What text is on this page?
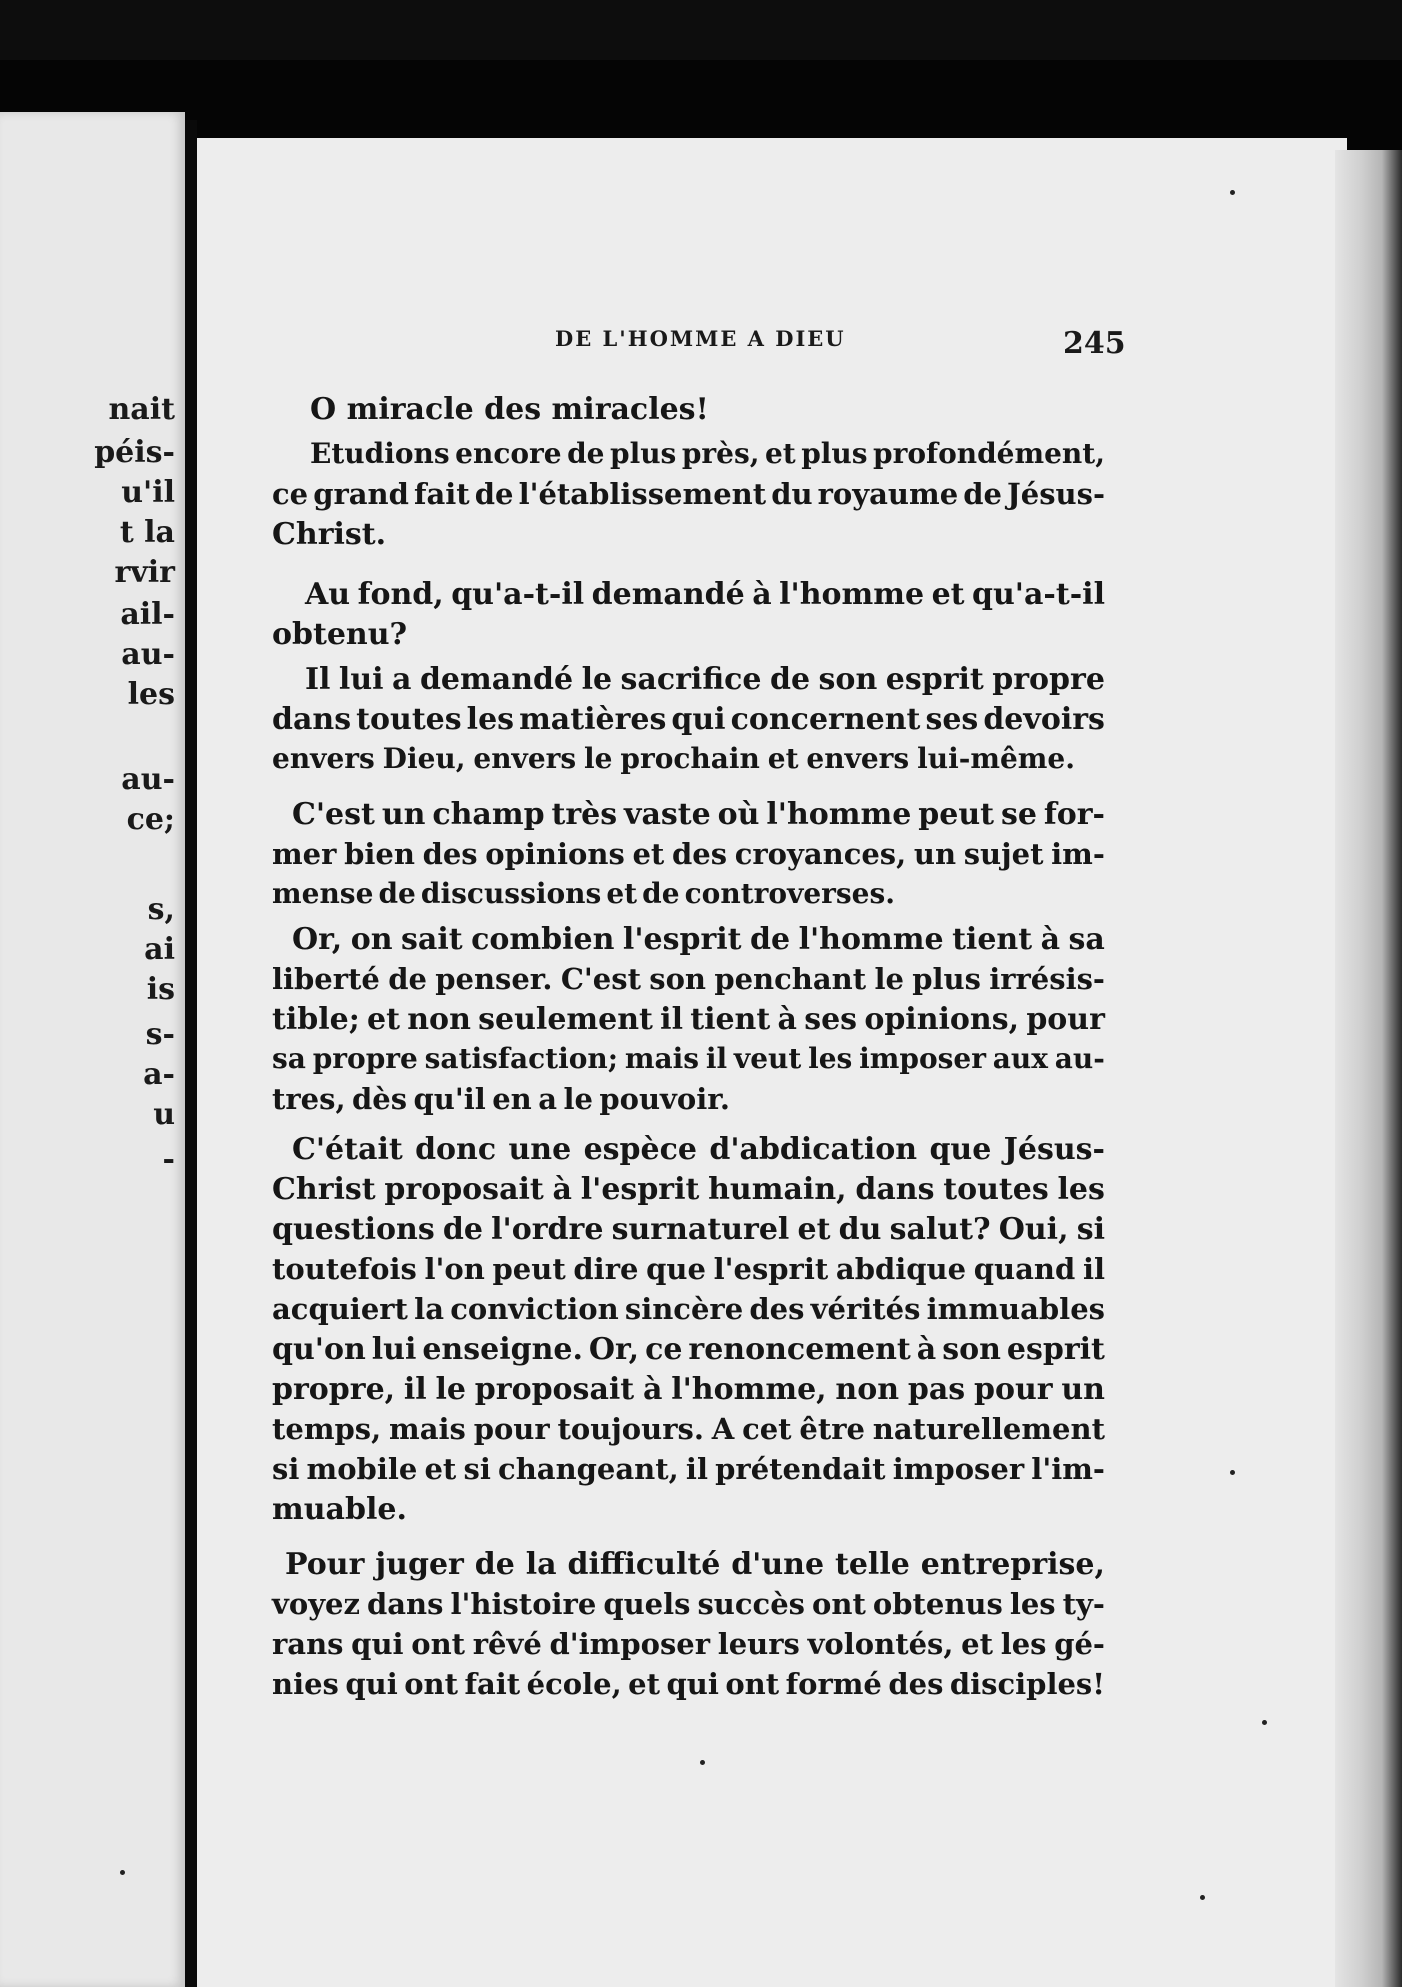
nait
péis-
u'il
t la
rvir
ail-
au-
les
au-
ce;
s,
ai
is
s-
a-
u
-
DE L'HOMME A DIEU	245
O miracle des miracles!
Etudions encore de plus près, et plus profondément,
ce grand fait de l'établissement du royaume de Jésus-
Christ.
Au fond, qu'a-t-il demandé à l'homme et qu'a-t-il
obtenu?
Il lui a demandé le sacrifice de son esprit propre
dans toutes les matières qui concernent ses devoirs
envers Dieu, envers le prochain et envers lui-même.
C'est un champ très vaste où l'homme peut se for-
mer bien des opinions et des croyances, un sujet im-
mense de discussions et de controverses.
Or, on sait combien l'esprit de l'homme tient à sa
liberté de penser. C'est son penchant le plus irrésis-
tible; et non seulement il tient à ses opinions, pour
sa propre satisfaction; mais il veut les imposer aux au-
tres, dès qu'il en a le pouvoir.
C'était donc une espèce d'abdication que Jésus-
Christ proposait à l'esprit humain, dans toutes les
questions de l'ordre surnaturel et du salut? Oui, si
toutefois l'on peut dire que l'esprit abdique quand il
acquiert la conviction sincère des vérités immuables
qu'on lui enseigne. Or, ce renoncement à son esprit
propre, il le proposait à l'homme, non pas pour un
temps, mais pour toujours. A cet être naturellement
si mobile et si changeant, il prétendait imposer l'im-
muable.
Pour juger de la difficulté d'une telle entreprise,
voyez dans l'histoire quels succès ont obtenus les ty-
rans qui ont rêvé d'imposer leurs volontés, et les gé-
nies qui ont fait école, et qui ont formé des disciples!
